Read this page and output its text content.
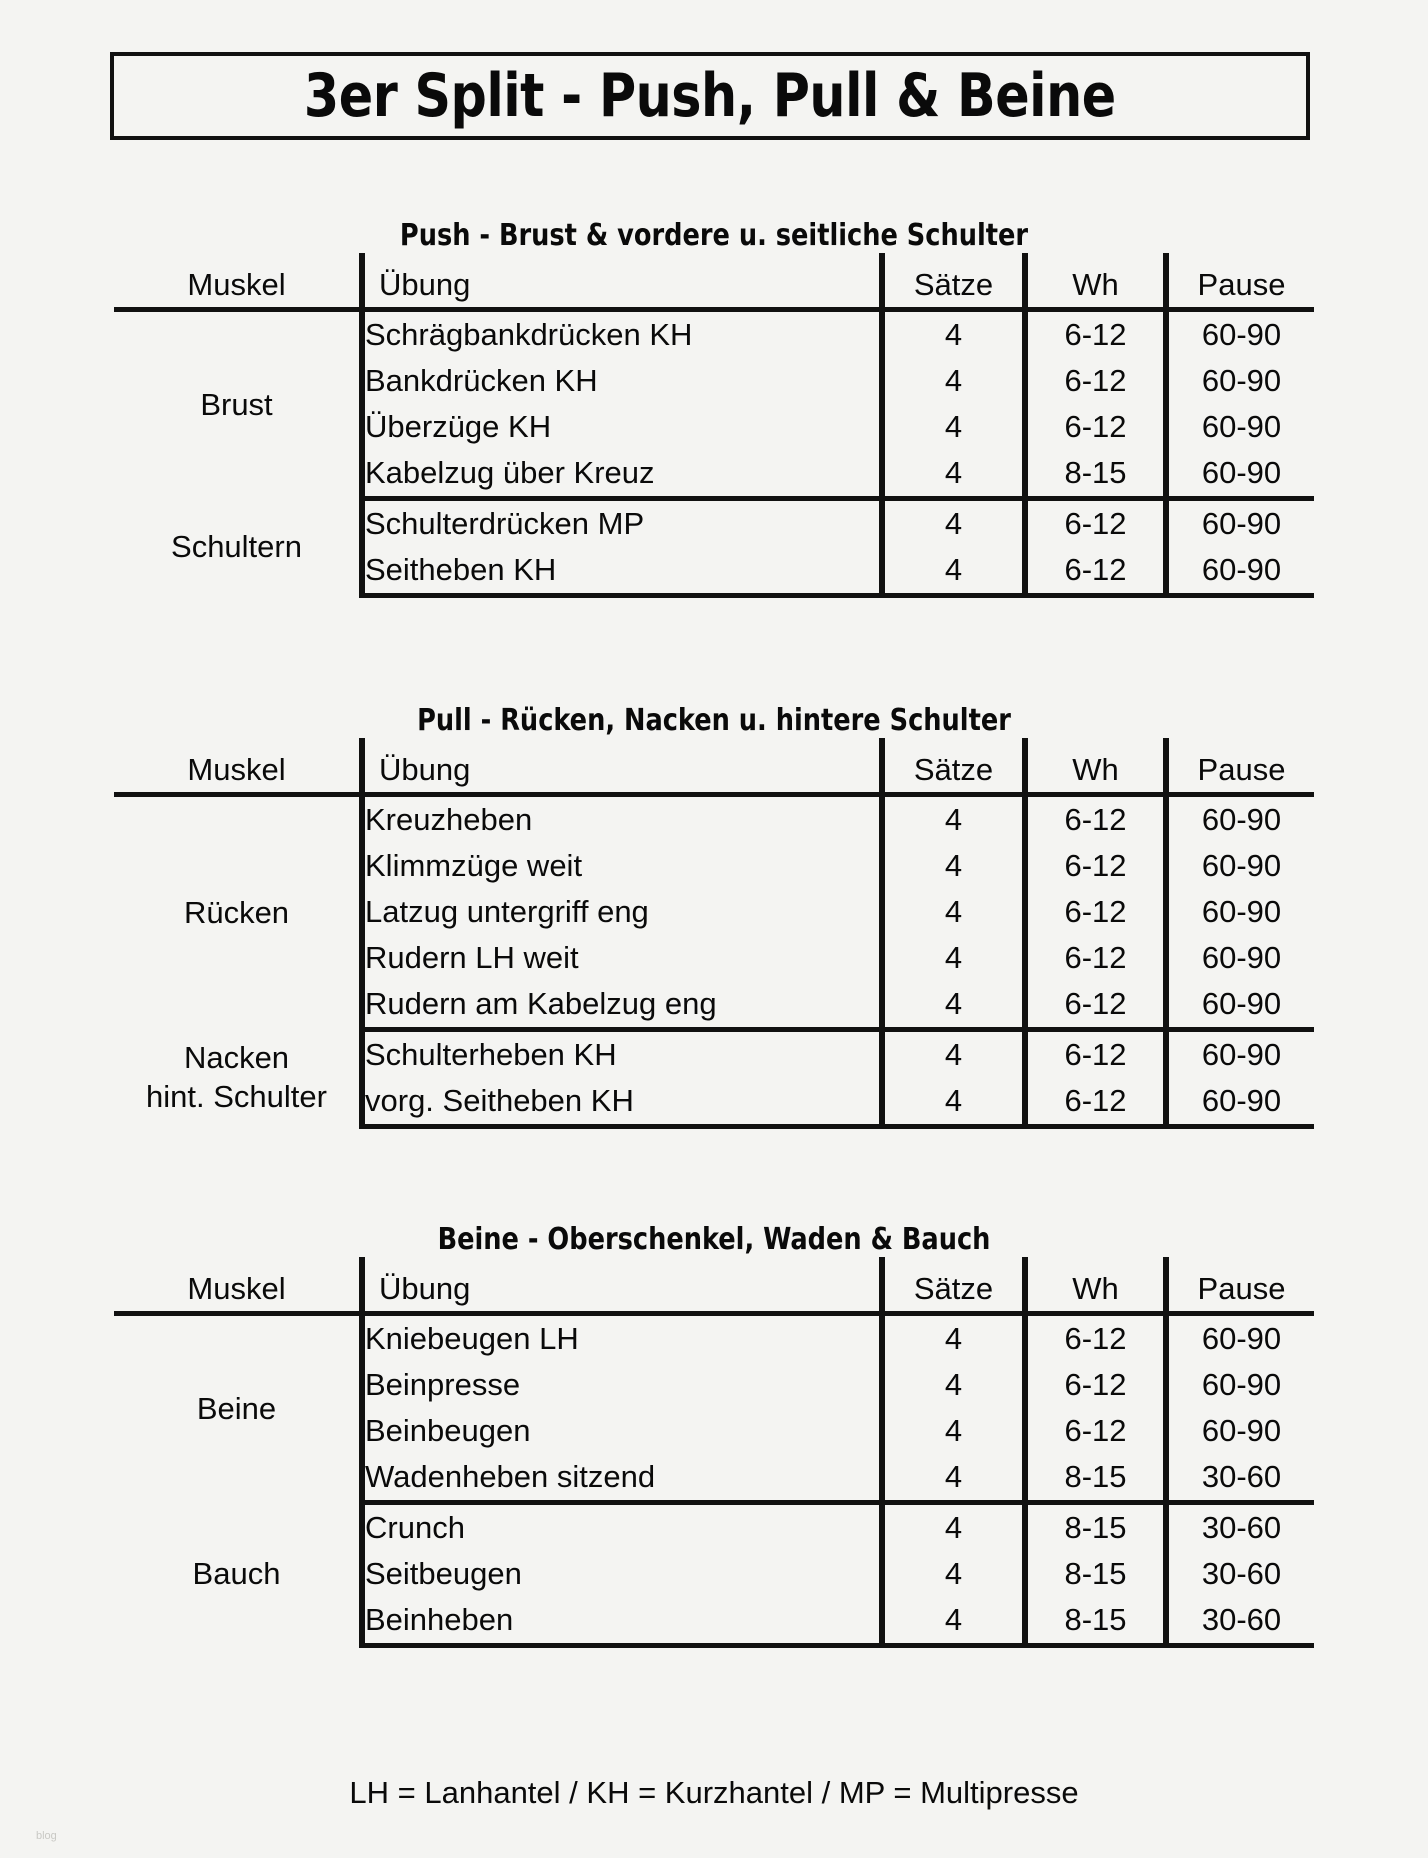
3er Split - Push, Pull & Beine
Push - Brust & vordere u. seitliche Schulter
Muskel	Übung	Sätze	Wh	Pause
Brust	Schrägbankdrücken KH	4	6-12	60-90
	Bankdrücken KH	4	6-12	60-90
	Überzüge KH	4	6-12	60-90
	Kabelzug über Kreuz	4	8-15	60-90
Schultern	Schulterdrücken MP	4	6-12	60-90
	Seitheben KH	4	6-12	60-90
Pull - Rücken, Nacken u. hintere Schulter
Muskel	Übung	Sätze	Wh	Pause
Rücken	Kreuzheben	4	6-12	60-90
	Klimmzüge weit	4	6-12	60-90
	Latzug untergriff eng	4	6-12	60-90
	Rudern LH weit	4	6-12	60-90
	Rudern am Kabelzug eng	4	6-12	60-90
Nacken
hint. Schulter	Schulterheben KH	4	6-12	60-90
	vorg. Seitheben KH	4	6-12	60-90
Beine - Oberschenkel, Waden & Bauch
Muskel	Übung	Sätze	Wh	Pause
Beine	Kniebeugen LH	4	6-12	60-90
	Beinpresse	4	6-12	60-90
	Beinbeugen	4	6-12	60-90
	Wadenheben sitzend	4	8-15	30-60
Bauch	Crunch	4	8-15	30-60
	Seitbeugen	4	8-15	30-60
	Beinheben	4	8-15	30-60
LH = Lanhantel / KH = Kurzhantel / MP = Multipresse
blog
